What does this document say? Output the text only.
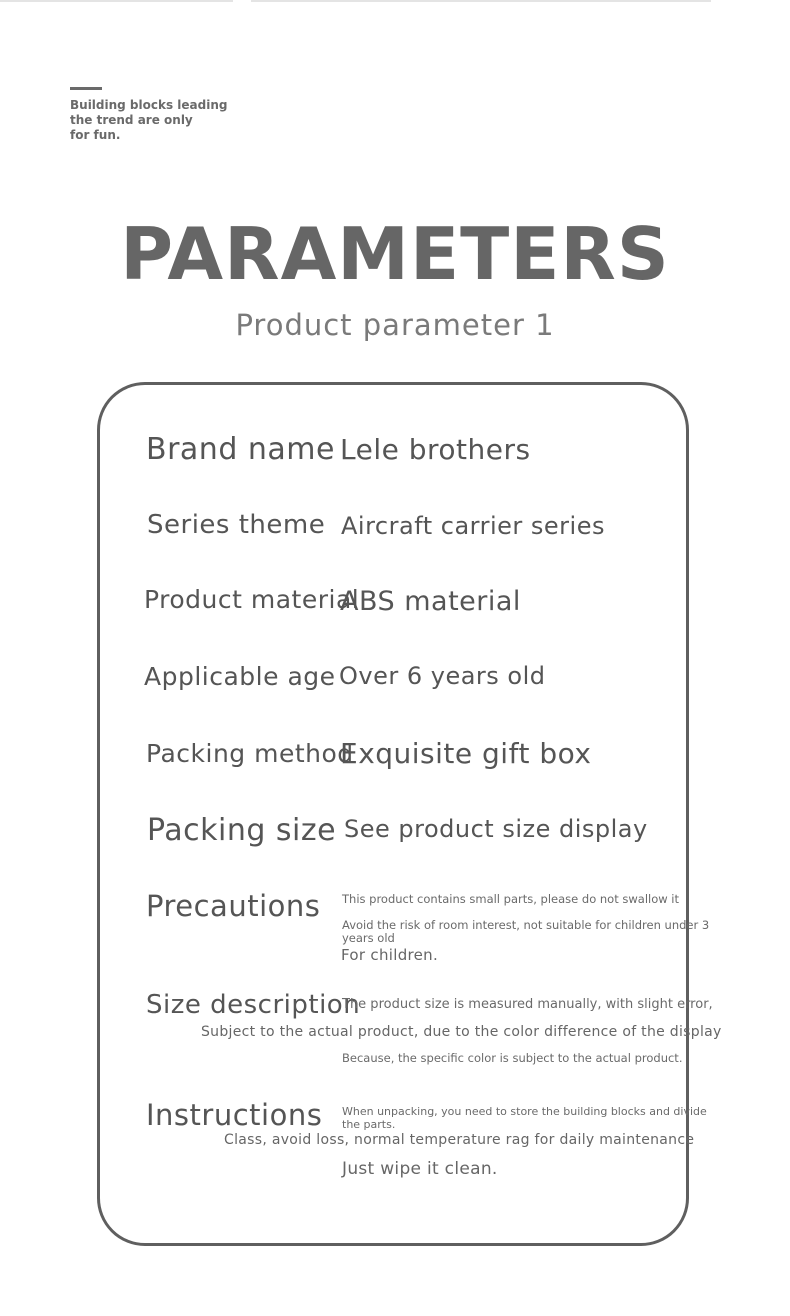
Building blocks leading
the trend are only
for fun.
PARAMETERS
Product parameter 1
Brand name Lele brothers
Series theme Aircraft carrier series
Product material
ABS material
Applicable age Over 6 years old
Packing method
Exquisite gift box
Packing size See product size display
Precautions This product contains small parts, please do not swallow it
Avoid the risk of room interest, not suitable for children under 3
years old
For children.
Size description
The product size is measured manually, with slight error,
Subject to the actual product, due to the color difference of the display
Because, the specific color is subject to the actual product.
Instructions When unpacking, you need to store the building blocks and divide
the parts.
Class, avoid loss, normal temperature rag for daily maintenance
Just wipe it clean.
